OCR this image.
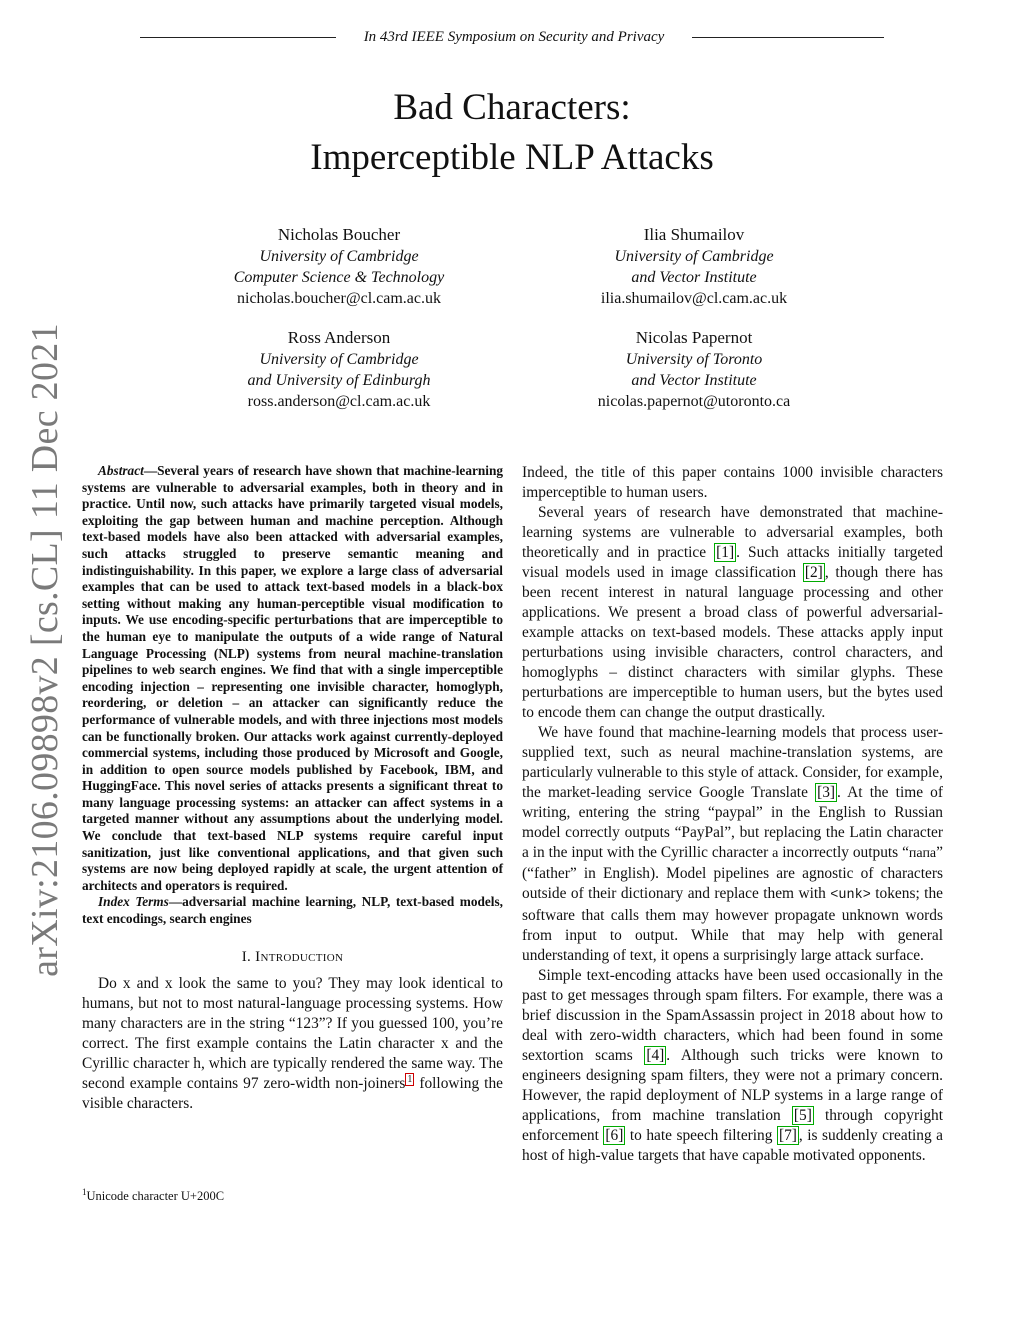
In 43rd IEEE Symposium on Security and Privacy
Bad Characters:
Imperceptible NLP Attacks
Nicholas Boucher
University of Cambridge
Computer Science & Technology
nicholas.boucher@cl.cam.ac.uk
Ilia Shumailov
University of Cambridge
and Vector Institute
ilia.shumailov@cl.cam.ac.uk
Ross Anderson
University of Cambridge
and University of Edinburgh
ross.anderson@cl.cam.ac.uk
Nicolas Papernot
University of Toronto
and Vector Institute
nicolas.papernot@utoronto.ca
arXiv:2106.09898v2 [cs.CL] 11 Dec 2021	Abstract—Several years of research have shown that machine-learning systems are vulnerable to adversarial examples, both in theory and in practice. Until now, such attacks have primarily targeted visual models, exploiting the gap between human and machine perception. Although text-based models have also been attacked with adversarial examples, such attacks struggled to preserve semantic meaning and indistinguishability. In this paper, we explore a large class of adversarial examples that can be used to attack text-based models in a black-box setting without making any human-perceptible visual modification to inputs. We use encoding-specific perturbations that are imperceptible to the human eye to manipulate the outputs of a wide range of Natural Language Processing (NLP) systems from neural machine-translation pipelines to web search engines. We find that with a single imperceptible encoding injection – representing one invisible character, homoglyph, reordering, or deletion – an attacker can significantly reduce the performance of vulnerable models, and with three injections most models can be functionally broken. Our attacks work against currently-deployed commercial systems, including those produced by Microsoft and Google, in addition to open source models published by Facebook, IBM, and HuggingFace. This novel series of attacks presents a significant threat to many language processing systems: an attacker can affect systems in a targeted manner without any assumptions about the underlying model. We conclude that text-based NLP systems require careful input sanitization, just like conventional applications, and that given such systems are now being deployed rapidly at scale, the urgent attention of architects and operators is required.

Index Terms—adversarial machine learning, NLP, text-based models, text encodings, search engines

I. Introduction

Do x and x look the same to you? They may look identical to humans, but not to most natural-language processing systems. How many characters are in the string “123”? If you guessed 100, you’re correct. The first example contains the Latin character x and the Cyrillic character h, which are typically rendered the same way. The second example contains 97 zero-width non-joiners $^1$ following the visible characters.

$^1$Unicode character U+200C

Indeed, the title of this paper contains 1000 invisible characters imperceptible to human users.

Several years of research have demonstrated that machine-learning systems are vulnerable to adversarial examples, both theoretically and in practice [1] . Such attacks initially targeted visual models used in image classification [2] , though there has been recent interest in natural language processing and other applications. We present a broad class of powerful adversarial-example attacks on text-based models. These attacks apply input perturbations using invisible characters, control characters, and homoglyphs – distinct characters with similar glyphs. These perturbations are imperceptible to human users, but the bytes used to encode them can change the output drastically.

We have found that machine-learning models that process user-supplied text, such as neural machine-translation systems, are particularly vulnerable to this style of attack. Consider, for example, the market-leading service Google Translate [3] . At the time of writing, entering the string “paypal” in the English to Russian model correctly outputs “PayPal”, but replacing the Latin character a in the input with the Cyrillic character а incorrectly outputs “папа” (“father” in English). Model pipelines are agnostic of characters outside of their dictionary and replace them with <unk> tokens; the software that calls them may however propagate unknown words from input to output. While that may help with general understanding of text, it opens a surprisingly large attack surface.

Simple text-encoding attacks have been used occasionally in the past to get messages through spam filters. For example, there was a brief discussion in the SpamAssassin project in 2018 about how to deal with zero-width characters, which had been found in some sextortion scams [4] . Although such tricks were known to engineers designing spam filters, they were not a primary concern. However, the rapid deployment of NLP systems in a large range of applications, from machine translation [5] through copyright enforcement [6] to hate speech filtering [7] , is suddenly creating a host of high-value targets that have capable motivated opponents.
